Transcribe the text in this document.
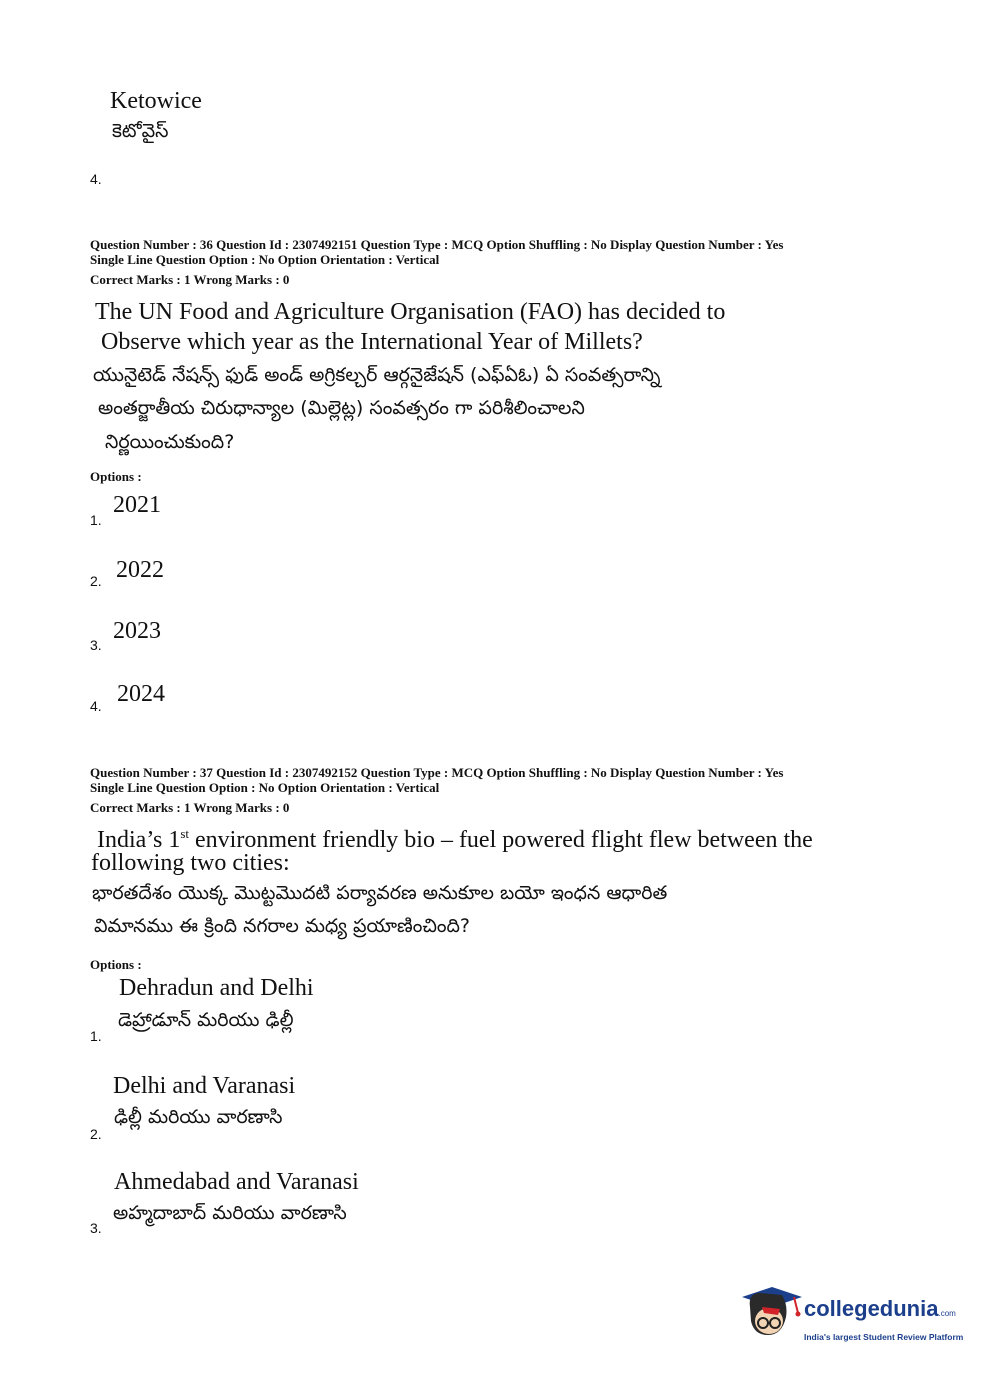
Ketowice
కెటోవైస్
4.
Question Number : 36 Question Id : 2307492151 Question Type : MCQ Option Shuffling : No Display Question Number : Yes
Single Line Question Option : No Option Orientation : Vertical
Correct Marks : 1 Wrong Marks : 0
The UN Food and Agriculture Organisation (FAO) has decided to
Observe which year as the International Year of Millets?
యునైటెడ్ నేషన్స్ ఫుడ్ అండ్ అగ్రికల్చర్ ఆర్గనైజేషన్ (ఎఫ్ఏఓ) ఏ సంవత్సరాన్ని
అంతర్జాతీయ చిరుధాన్యాల (మిల్లెట్ల) సంవత్సరం గా పరిశీలించాలని
నిర్ణయించుకుంది?
Options :
2021
1.
2022
2.
2023
3.
2024
4.
Question Number : 37 Question Id : 2307492152 Question Type : MCQ Option Shuffling : No Display Question Number : Yes
Single Line Question Option : No Option Orientation : Vertical
Correct Marks : 1 Wrong Marks : 0
India’s 1st environment friendly bio – fuel powered flight flew between the
following two cities:
భారతదేశం యొక్క మొట్టమొదటి పర్యావరణ అనుకూల బయో ఇంధన ఆధారిత
విమానము ఈ క్రింది నగరాల మధ్య ప్రయాణించింది?
Options :
Dehradun and Delhi
డెహ్రాడూన్ మరియు ఢిల్లీ
1.
Delhi and Varanasi
ఢిల్లీ మరియు వారణాసి
2.
Ahmedabad and Varanasi
అహ్మదాబాద్ మరియు వారణాసి
3.
collegedunia.com
India's largest Student Review Platform
